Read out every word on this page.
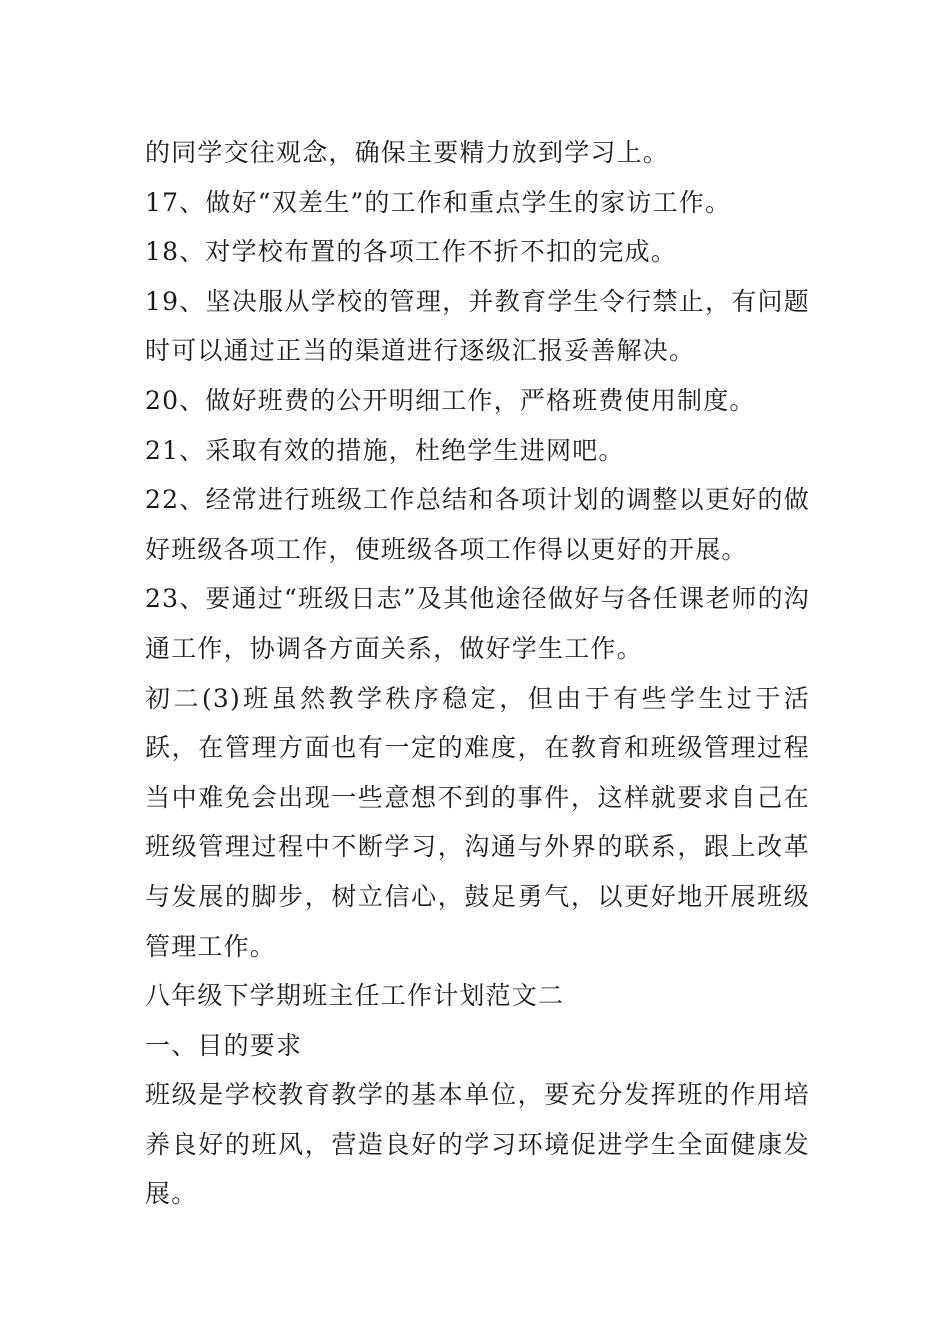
的同学交往观念，确保主要精力放到学习上。

17、做好“双差生”的工作和重点学生的家访工作。

18、对学校布置的各项工作不折不扣的完成。

19、坚决服从学校的管理，并教育学生令行禁止，有问题时可以通过正当的渠道进行逐级汇报妥善解决。

20、做好班费的公开明细工作，严格班费使用制度。

21、采取有效的措施，杜绝学生进网吧。

22、经常进行班级工作总结和各项计划的调整以更好的做好班级各项工作，使班级各项工作得以更好的开展。

23、要通过“班级日志”及其他途径做好与各任课老师的沟通工作，协调各方面关系，做好学生工作。

初二(3)班虽然教学秩序稳定，但由于有些学生过于活跃，在管理方面也有一定的难度，在教育和班级管理过程当中难免会出现一些意想不到的事件，这样就要求自己在班级管理过程中不断学习，沟通与外界的联系，跟上改革与发展的脚步，树立信心，鼓足勇气，以更好地开展班级管理工作。

八年级下学期班主任工作计划范文二

一、目的要求

班级是学校教育教学的基本单位，要充分发挥班的作用培养良好的班风，营造良好的学习环境促进学生全面健康发展。
